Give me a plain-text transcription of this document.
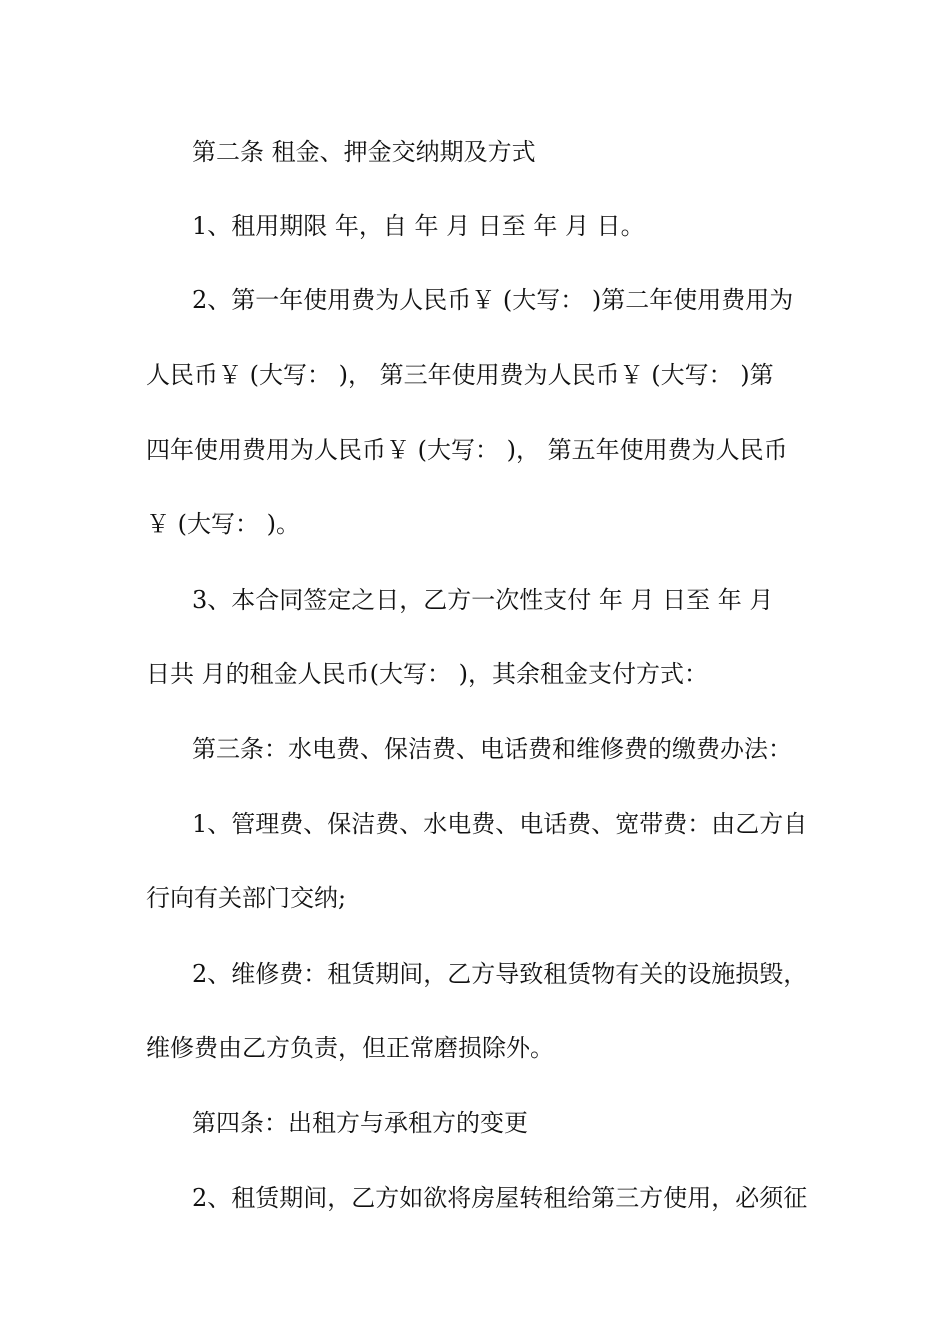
第二条 租金、押金交纳期及方式
1、租用期限 年，自 年 月 日至 年 月 日。
2、第一年使用费为人民币￥ (大写： )第二年使用费用为
人民币￥ (大写： )， 第三年使用费为人民币￥ (大写： )第
四年使用费用为人民币￥ (大写： )， 第五年使用费为人民币
￥ (大写： )。
3、本合同签定之日，乙方一次性支付 年 月 日至 年 月
日共 月的租金人民币(大写： )，其余租金支付方式：
第三条：水电费、保洁费、电话费和维修费的缴费办法：
1、管理费、保洁费、水电费、电话费、宽带费：由乙方自
行向有关部门交纳;
2、维修费：租赁期间，乙方导致租赁物有关的设施损毁，
维修费由乙方负责，但正常磨损除外。
第四条：出租方与承租方的变更
2、租赁期间，乙方如欲将房屋转租给第三方使用，必须征
